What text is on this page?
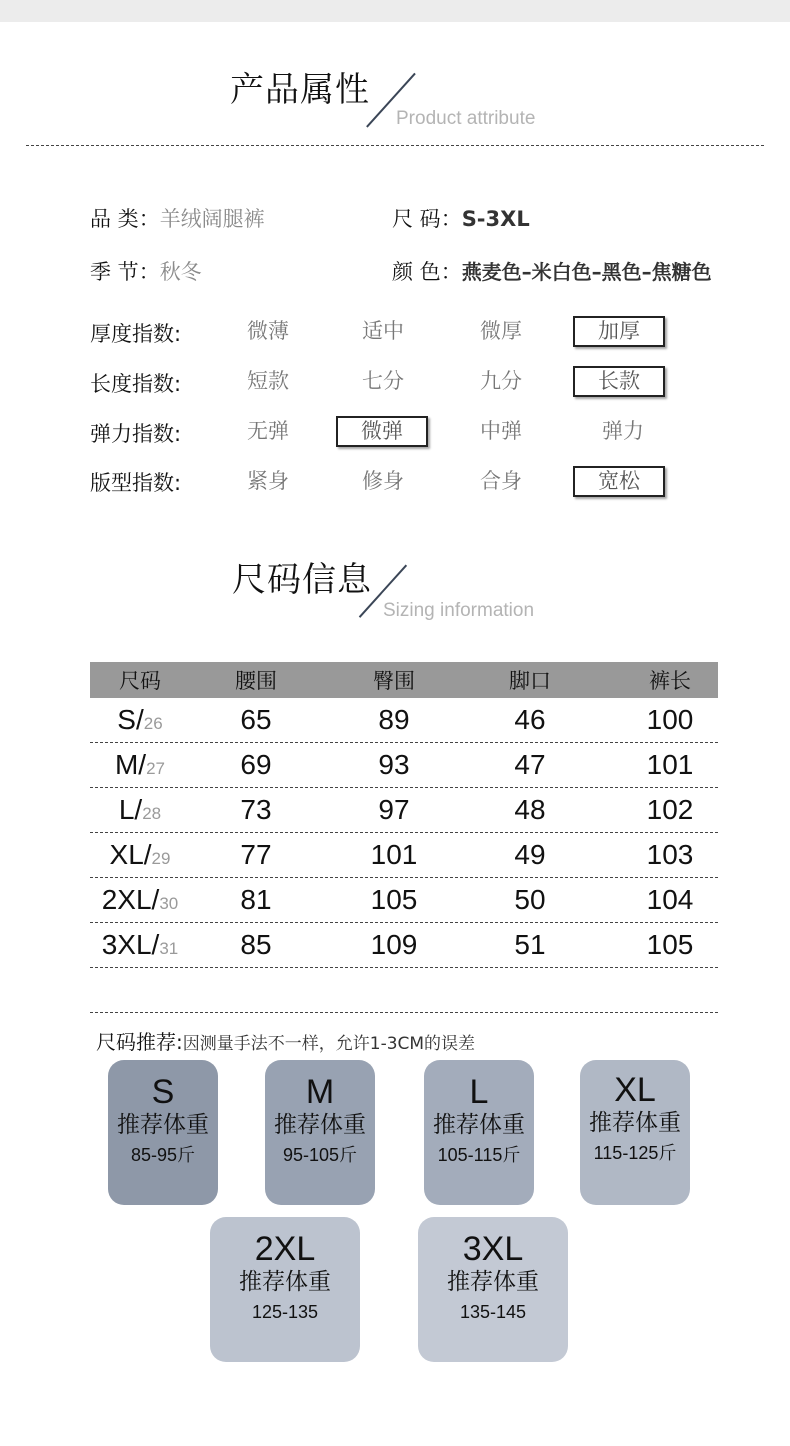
产品属性
Product attribute
品 类：羊绒阔腿裤	尺 码：S-3XL
季 节：秋冬	颜 色：燕麦色–米白色–黑色–焦糖色
厚度指数:	微薄	适中	微厚	加厚
长度指数:	短款	七分	九分	长款
弹力指数:	无弹	微弹	中弹	弹力
版型指数:	紧身	修身	合身	宽松
尺码信息
Sizing information
尺码	腰围	臀围	脚口	裤长
S/26	65	89	46	100
M/27	69	93	47	101
L/28	73	97	48	102
XL/29 77	101	49	103
2XL/30 81	105	50	104
3XL/31 85	109	51	105
尺码推荐:因测量手法不一样，允许1-3CM的误差
S
推荐体重
85-95斤
M
推荐体重
95-105斤
L
推荐体重
105-115斤
XL
推荐体重
115-125斤
2XL
推荐体重
125-135
3XL
推荐体重
135-145
